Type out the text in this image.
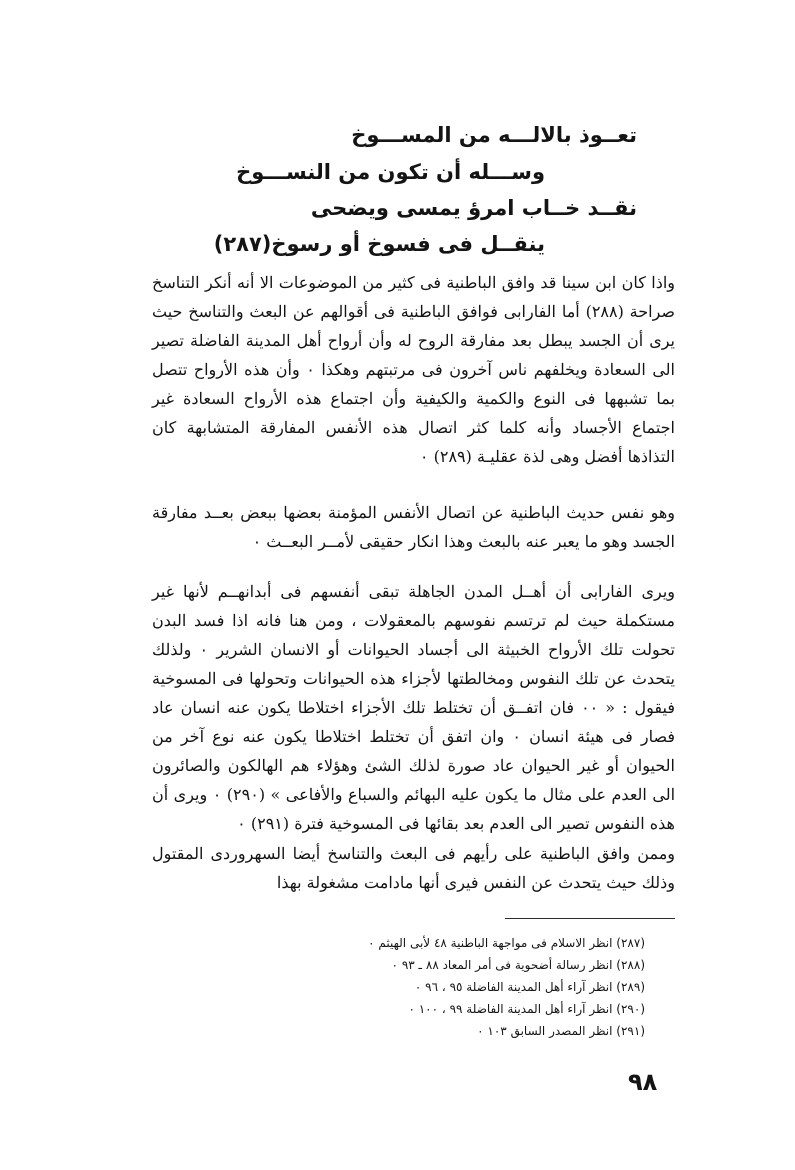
تعــوذ بالالـــه من المســـوخ

وســـله أن تكون من النســـوخ

نقــد خــاب امرؤ يمسى ويضحى

ينقــل فى فسوخ أو رسوخ(٢٨٧)

واذا كان ابن سينا قد وافق الباطنية فى كثير من الموضوعات الا أنه أنكر التناسخ صراحة (٢٨٨) أما الفارابى فوافق الباطنية فى أقوالهم عن البعث والتناسخ حيث يرى أن الجسد يبطل بعد مفارقة الروح له وأن أرواح أهل المدينة الفاضلة تصير الى السعادة ويخلفهم ناس آخرون فى مرتبتهم وهكذا ٠ وأن هذه الأرواح تتصل بما تشبهها فى النوع والكمية والكيفية وأن اجتماع هذه الأرواح السعادة غير اجتماع الأجساد وأنه كلما كثر اتصال هذه الأنفس المفارقة المتشابهة كان التذاذها أفضل وهى لذة عقليـة (٢٨٩) ٠

وهو نفس حديث الباطنية عن اتصال الأنفس المؤمنة بعضها ببعض بعــد مفارقة الجسد وهو ما يعبر عنه بالبعث وهذا انكار حقيقى لأمــر البعــث ٠

ويرى الفارابى أن أهــل المدن الجاهلة تبقى أنفسهم فى أبدانهــم لأنها غير مستكملة حيث لم ترتسم نفوسهم بالمعقولات ، ومن هنا فانه اذا فسد البدن تحولت تلك الأرواح الخبيثة الى أجساد الحيوانات أو الانسان الشرير ٠ ولذلك يتحدث عن تلك النفوس ومخالطتها لأجزاء هذه الحيوانات وتحولها فى المسوخية فيقول : « ٠٠ فان اتفــق أن تختلط تلك الأجزاء اختلاطا يكون عنه انسان عاد فصار فى هيئة انسان ٠ وان اتفق أن تختلط اختلاطا يكون عنه نوع آخر من الحيوان أو غير الحيوان عاد صورة لذلك الشئ وهؤلاء هم الهالكون والصائرون الى العدم على مثال ما يكون عليه البهائم والسباع والأفاعى » (٢٩٠) ٠ ويرى أن هذه النفوس تصير الى العدم بعد بقائها فى المسوخية فترة (٢٩١) ٠

وممن وافق الباطنية على رأيهم فى البعث والتناسخ أيضا السهروردى المقتول وذلك حيث يتحدث عن النفس فيرى أنها مادامت مشغولة بهذا

(٢٨٧) انظر الاسلام فى مواجهة الباطنية ٤٨ لأبى الهيثم ٠
(٢٨٨) انظر رسالة أضحوية فى أمر المعاد ٨٨ ـ ٩٣ ٠
(٢٨٩) انظر آراء أهل المدينة الفاضلة ٩٥ ، ٩٦ ٠
(٢٩٠) انظر آراء أهل المدينة الفاضلة ٩٩ ، ١٠٠ ٠
(٢٩١) انظر المصدر السابق ١٠٣ ٠
٩٨
